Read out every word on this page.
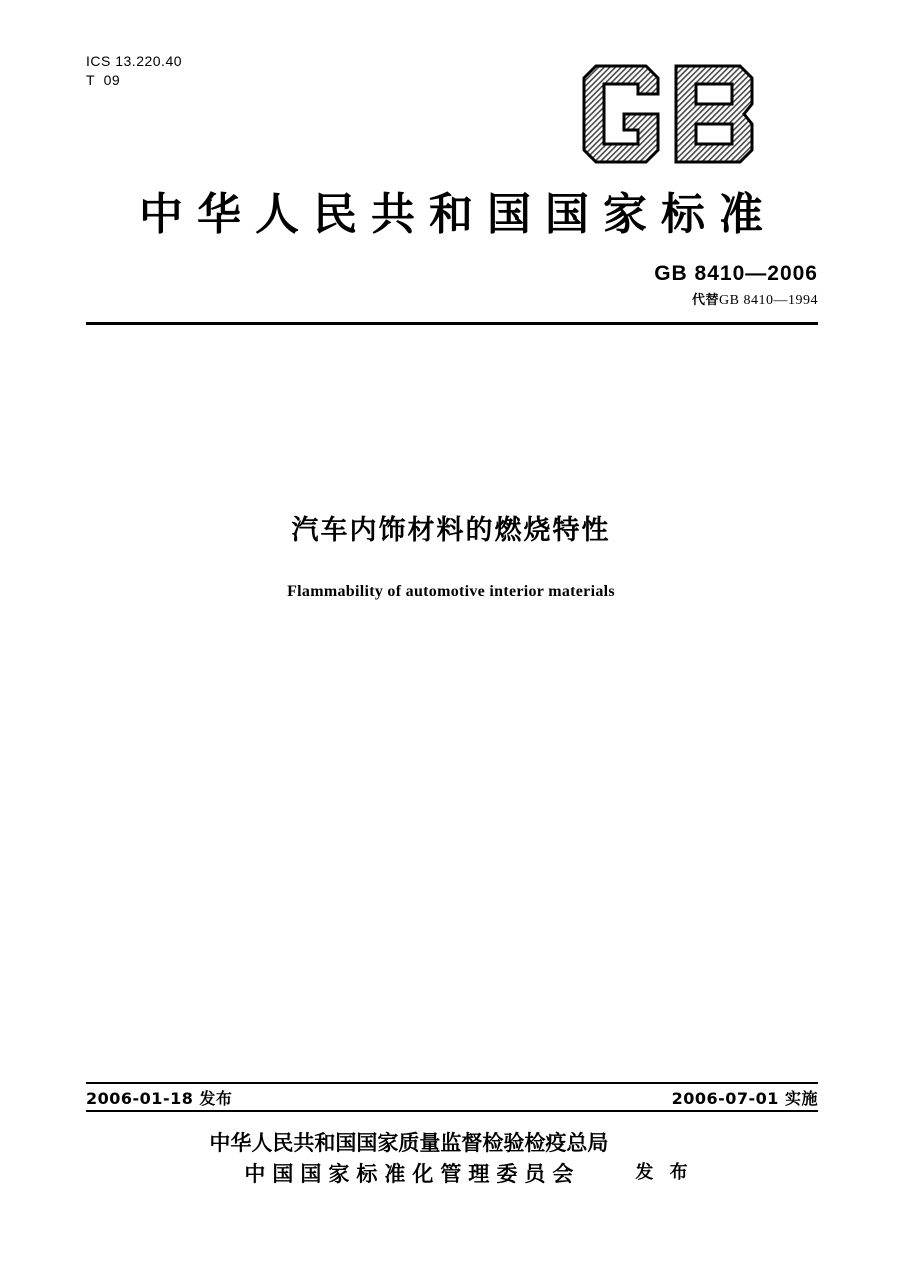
ICS 13.220.40
T  09
中华人民共和国国家标准
GB 8410—2006
代替GB 8410—1994
汽车内饰材料的燃烧特性
Flammability of automotive interior materials
2006-01-18 发布	2006-07-01 实施
中华人民共和国国家质量监督检验检疫总局
中国国家标准化管理委员会	发 布
